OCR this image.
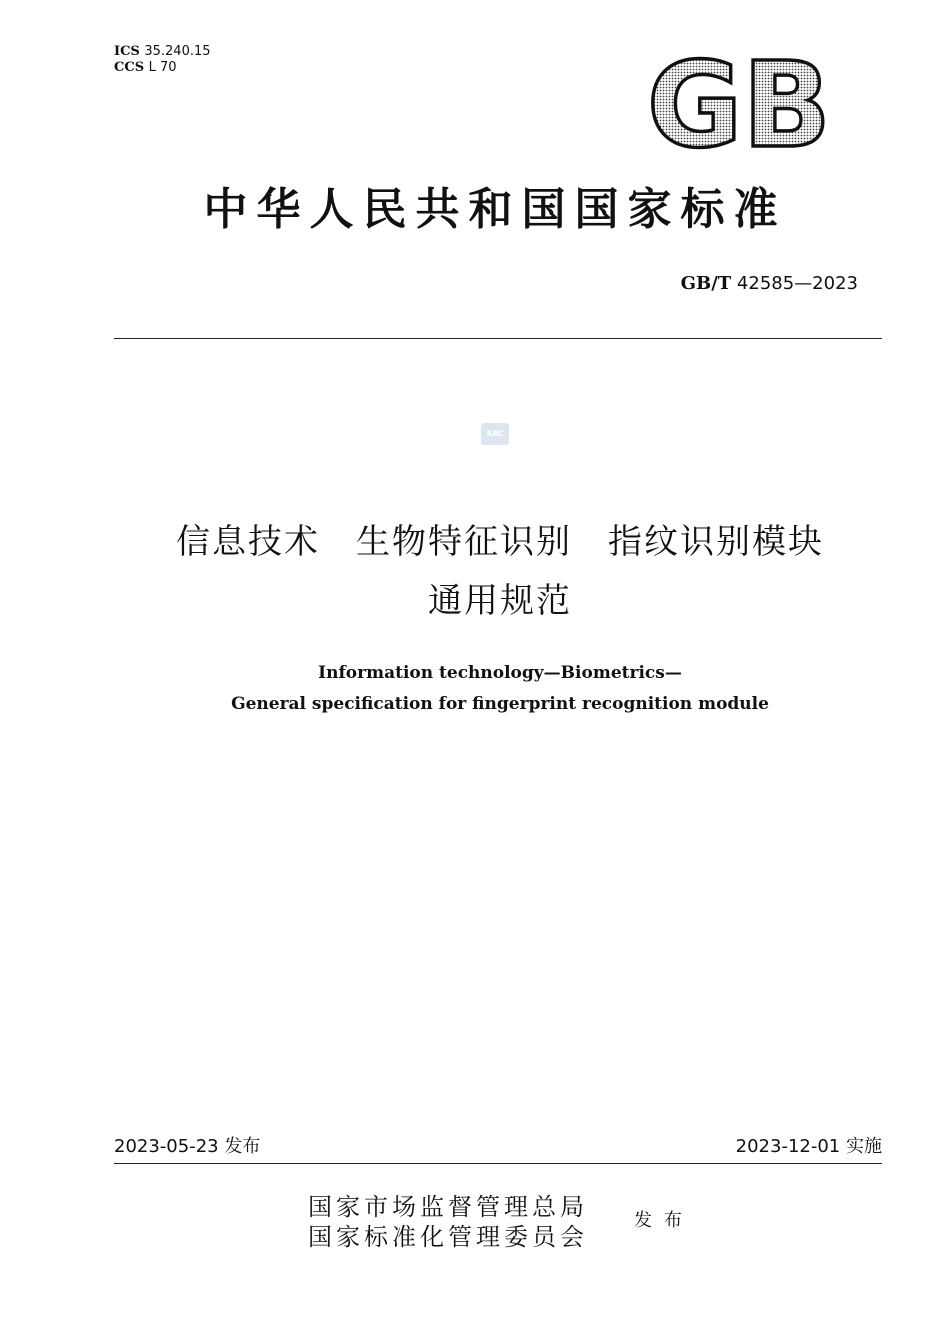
ICS 35.240.15
CCS L 70	GB
中华人民共和国国家标准
GB/T 42585—2023
SAC
信息技术　生物特征识别　指纹识别模块
通用规范
Information technology—Biometrics—
General specification for fingerprint recognition module
2023-05-23 发布	2023-12-01 实施
国家市场监督管理总局
国家标准化管理委员会
发布
